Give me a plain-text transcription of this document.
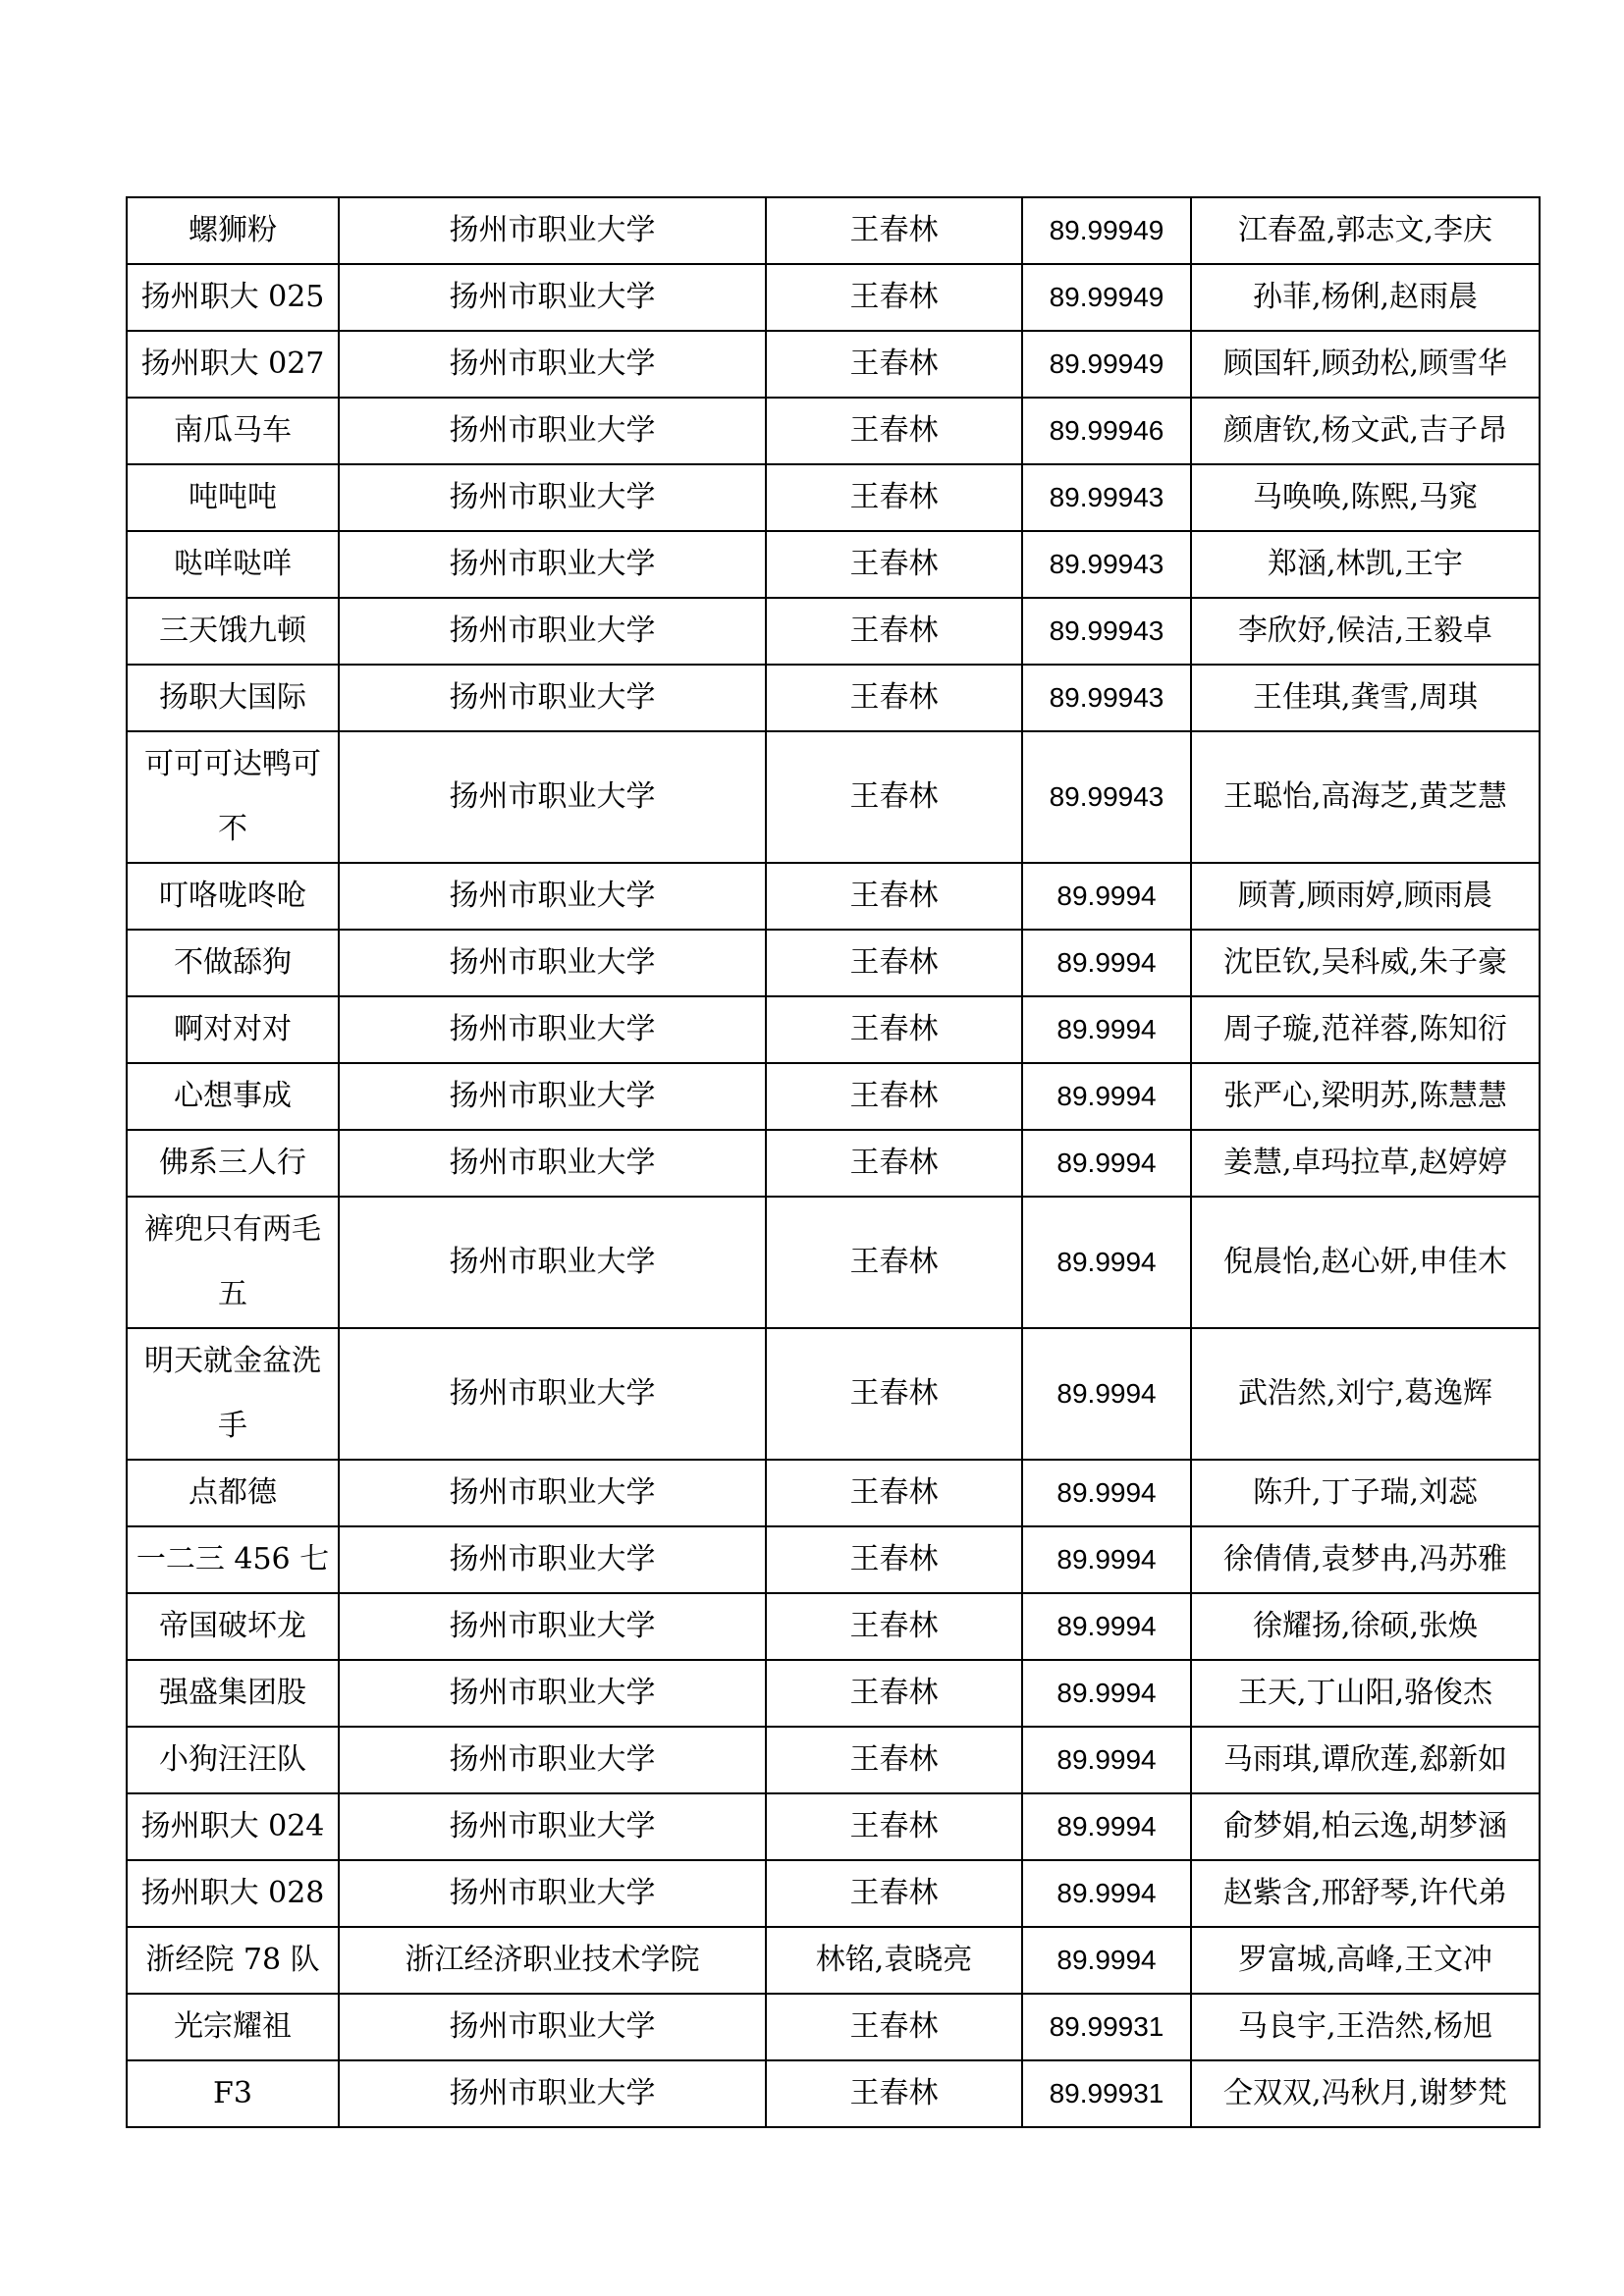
螺狮粉	扬州市职业大学	王春林	89.99949	江春盈,郭志文,李庆
扬州职大 025	扬州市职业大学	王春林	89.99949	孙菲,杨俐,赵雨晨
扬州职大 027	扬州市职业大学	王春林	89.99949	顾国轩,顾劲松,顾雪华
南瓜马车	扬州市职业大学	王春林	89.99946	颜唐钦,杨文武,吉子昂
吨吨吨	扬州市职业大学	王春林	89.99943	马唤唤,陈熙,马窕
哒咩哒咩	扬州市职业大学	王春林	89.99943	郑涵,林凯,王宇
三天饿九顿	扬州市职业大学	王春林	89.99943	李欣妤,候洁,王毅卓
扬职大国际	扬州市职业大学	王春林	89.99943	王佳琪,龚雪,周琪
可可可达鸭可不	扬州市职业大学	王春林	89.99943	王聪怡,高海芝,黄芝慧
叮咯咙咚呛	扬州市职业大学	王春林	89.9994	顾菁,顾雨婷,顾雨晨
不做舔狗	扬州市职业大学	王春林	89.9994	沈臣钦,吴科威,朱子豪
啊对对对	扬州市职业大学	王春林	89.9994	周子璇,范祥蓉,陈知衍
心想事成	扬州市职业大学	王春林	89.9994	张严心,梁明苏,陈慧慧
佛系三人行	扬州市职业大学	王春林	89.9994	姜慧,卓玛拉草,赵婷婷
裤兜只有两毛五	扬州市职业大学	王春林	89.9994	倪晨怡,赵心妍,申佳木
明天就金盆洗手	扬州市职业大学	王春林	89.9994	武浩然,刘宁,葛逸辉
点都德	扬州市职业大学	王春林	89.9994	陈升,丁子瑞,刘蕊
一二三 456 七	扬州市职业大学	王春林	89.9994	徐倩倩,袁梦冉,冯苏雅
帝国破坏龙	扬州市职业大学	王春林	89.9994	徐耀扬,徐硕,张焕
强盛集团股	扬州市职业大学	王春林	89.9994	王天,丁山阳,骆俊杰
小狗汪汪队	扬州市职业大学	王春林	89.9994	马雨琪,谭欣莲,郄新如
扬州职大 024	扬州市职业大学	王春林	89.9994	俞梦娟,柏云逸,胡梦涵
扬州职大 028	扬州市职业大学	王春林	89.9994	赵紫含,邢舒琴,许代弟
浙经院 78 队	浙江经济职业技术学院	林铭,袁晓亮	89.9994	罗富城,高峰,王文冲
光宗耀祖	扬州市职业大学	王春林	89.99931	马良宇,王浩然,杨旭
F3	扬州市职业大学	王春林	89.99931	仝双双,冯秋月,谢梦梵
